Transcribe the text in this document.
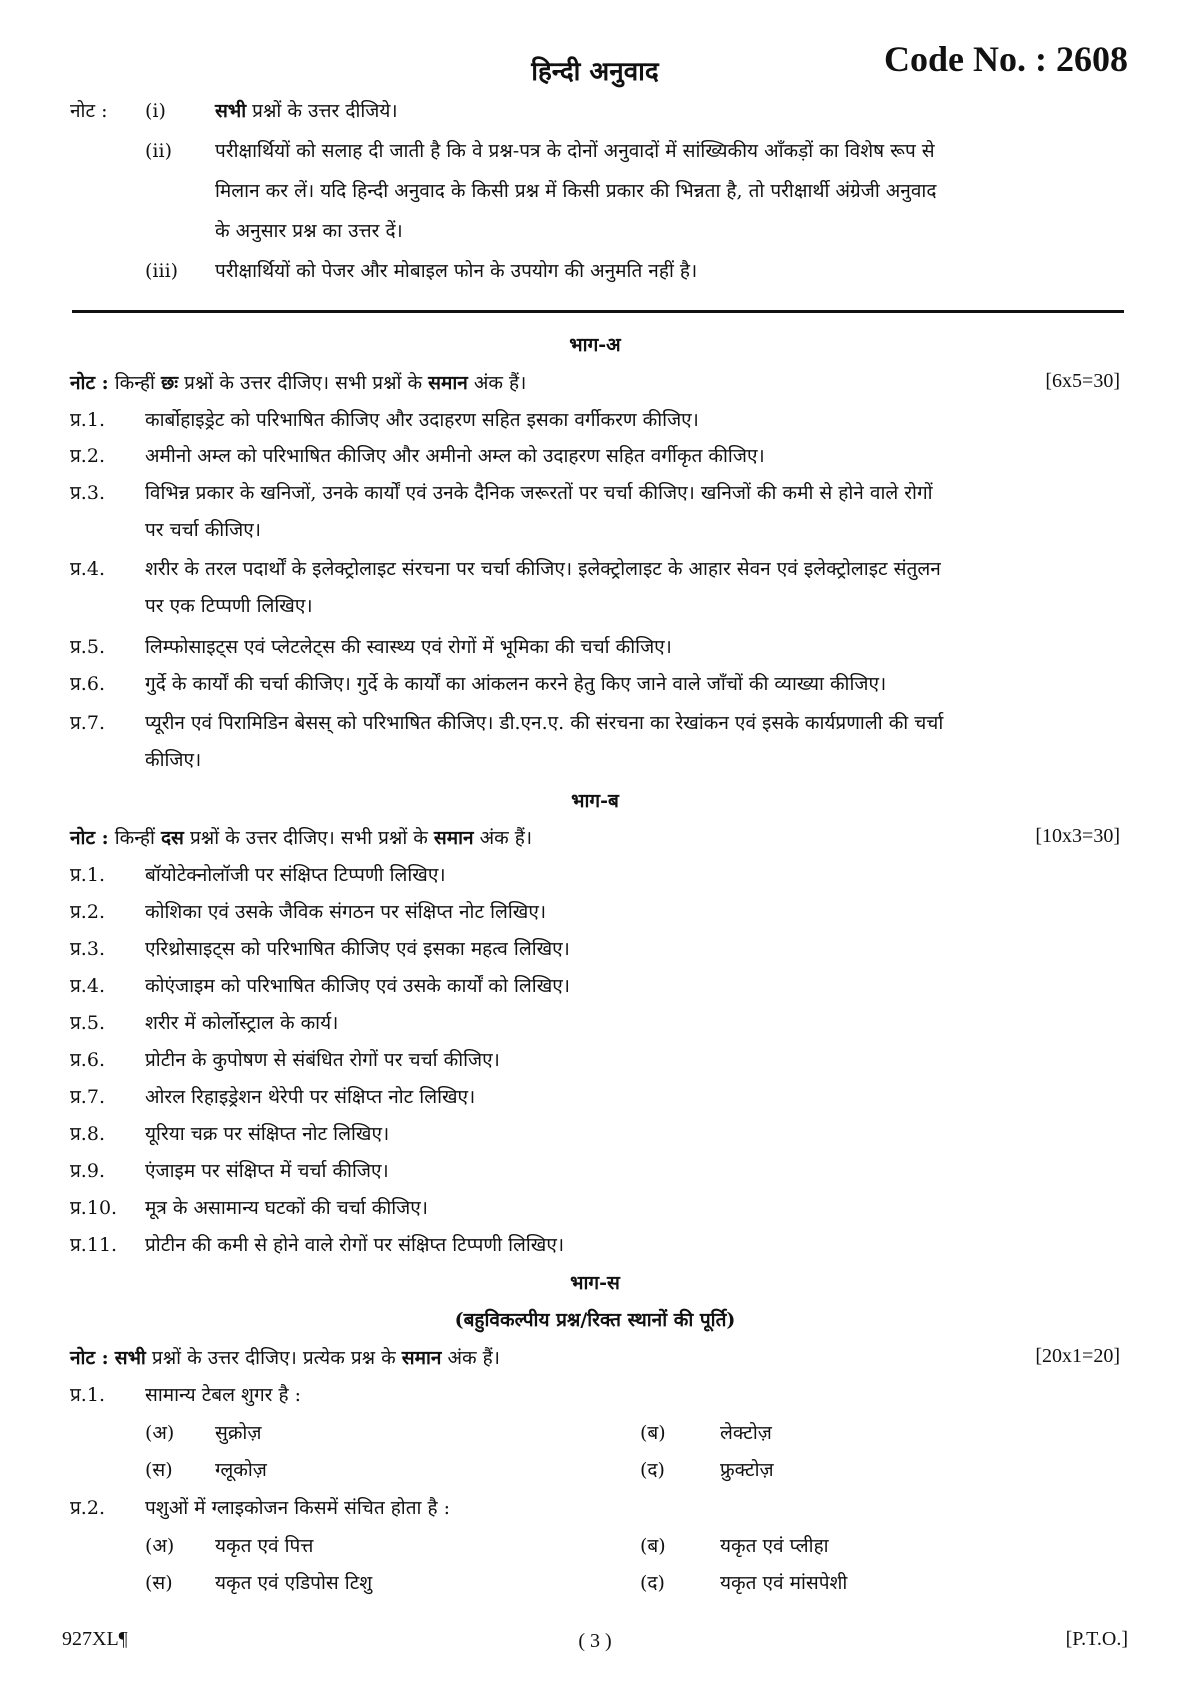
हिन्दी अनुवाद	Code No. : 2608
नोट : (i)	सभी प्रश्नों के उत्तर दीजिये।
(ii) परीक्षार्थियों को सलाह दी जाती है कि वे प्रश्न-पत्र के दोनों अनुवादों में सांख्यिकीय आँकड़ों का विशेष रूप से
मिलान कर लें। यदि हिन्दी अनुवाद के किसी प्रश्न में किसी प्रकार की भिन्नता है, तो परीक्षार्थी अंग्रेजी अनुवाद
के अनुसार प्रश्न का उत्तर दें।
(iii) परीक्षार्थियों को पेजर और मोबाइल फोन के उपयोग की अनुमति नहीं है।
भाग-अ
नोट : किन्हीं छः प्रश्नों के उत्तर दीजिए। सभी प्रश्नों के समान अंक हैं।	[6x5=30]
प्र.1. कार्बोहाइड्रेट को परिभाषित कीजिए और उदाहरण सहित इसका वर्गीकरण कीजिए।
प्र.2. अमीनो अम्ल को परिभाषित कीजिए और अमीनो अम्ल को उदाहरण सहित वर्गीकृत कीजिए।
प्र.3. विभिन्न प्रकार के खनिजों, उनके कार्यों एवं उनके दैनिक जरूरतों पर चर्चा कीजिए। खनिजों की कमी से होने वाले रोगों
पर चर्चा कीजिए।
प्र.4. शरीर के तरल पदार्थों के इलेक्ट्रोलाइट संरचना पर चर्चा कीजिए। इलेक्ट्रोलाइट के आहार सेवन एवं इलेक्ट्रोलाइट संतुलन
पर एक टिप्पणी लिखिए।
प्र.5. लिम्फोसाइट्स एवं प्लेटलेट्स की स्वास्थ्य एवं रोगों में भूमिका की चर्चा कीजिए।
प्र.6. गुर्दे के कार्यों की चर्चा कीजिए। गुर्दे के कार्यों का आंकलन करने हेतु किए जाने वाले जाँचों की व्याख्या कीजिए।
प्र.7. प्यूरीन एवं पिरामिडिन बेसस् को परिभाषित कीजिए। डी.एन.ए. की संरचना का रेखांकन एवं इसके कार्यप्रणाली की चर्चा
कीजिए।
भाग-ब
नोट : किन्हीं दस प्रश्नों के उत्तर दीजिए। सभी प्रश्नों के समान अंक हैं।	[10x3=30]
प्र.1. बॉयोटेक्नोलॉजी पर संक्षिप्त टिप्पणी लिखिए।
प्र.2. कोशिका एवं उसके जैविक संगठन पर संक्षिप्त नोट लिखिए।
प्र.3. एरिथ्रोसाइट्स को परिभाषित कीजिए एवं इसका महत्व लिखिए।
प्र.4. कोएंजाइम को परिभाषित कीजिए एवं उसके कार्यों को लिखिए।
प्र.5. शरीर में कोर्लोस्ट्राल के कार्य।
प्र.6. प्रोटीन के कुपोषण से संबंधित रोगों पर चर्चा कीजिए।
प्र.7. ओरल रिहाइड्रेशन थेरेपी पर संक्षिप्त नोट लिखिए।
प्र.8. यूरिया चक्र पर संक्षिप्त नोट लिखिए।
प्र.9. एंजाइम पर संक्षिप्त में चर्चा कीजिए।
प्र.10. मूत्र के असामान्य घटकों की चर्चा कीजिए।
प्र.11. प्रोटीन की कमी से होने वाले रोगों पर संक्षिप्त टिप्पणी लिखिए।
भाग-स
(बहुविकल्पीय प्रश्न/रिक्त स्थानों की पूर्ति)
नोट : सभी प्रश्नों के उत्तर दीजिए। प्रत्येक प्रश्न के समान अंक हैं।	[20x1=20]
प्र.1. सामान्य टेबल शुगर है :
(अ) सुक्रोज़	(ब)	लेक्टोज़
(स) ग्लूकोज़	(द)	फ्रुक्टोज़
प्र.2. पशुओं में ग्लाइकोजन किसमें संचित होता है :
(अ) यकृत एवं पित्त	(ब)	यकृत एवं प्लीहा
(स) यकृत एवं एडिपोस टिशु	(द)	यकृत एवं मांसपेशी
927XL¶	( 3 )	[P.T.O.]
